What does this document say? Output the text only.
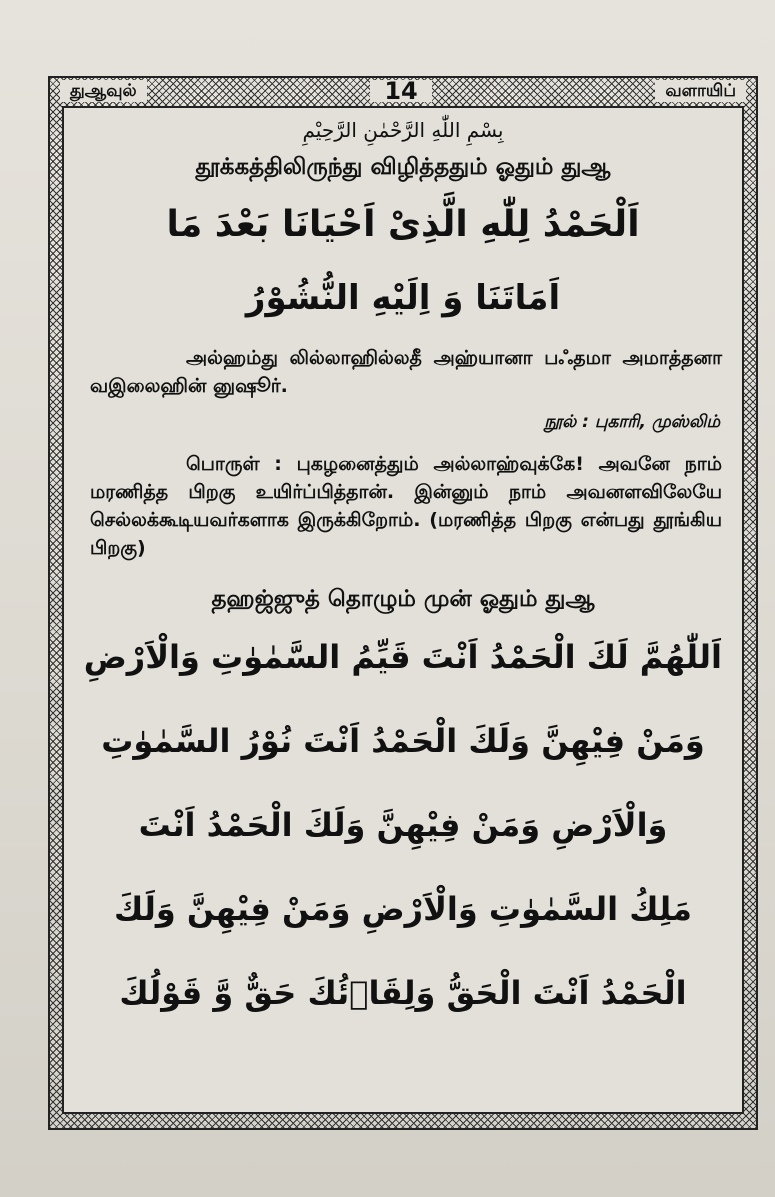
துஆவுல்	14	வளாயிப்
بِسْمِ اللّٰهِ الرَّحْمٰنِ الرَّحِيْمِ
தூக்கத்திலிருந்து விழித்ததும் ஓதும் துஆ
اَلْحَمْدُ لِلّٰهِ الَّذِىْ اَحْيَانَا بَعْدَ مَا
اَمَاتَنَا وَ اِلَيْهِ النُّشُوْرُ
அல்ஹம்து லில்லாஹில்லதீ அஹ்யானா பஃதமா அமாத்தனா வஇலைஹின் னுஷூர்.
நூல் : புகாரி, முஸ்லிம்
பொருள் : புகழனைத்தும் அல்லாஹ்வுக்கே! அவனே நாம் மரணித்த பிறகு உயிர்ப்பித்தான். இன்னும் நாம் அவனளவிலேயே செல்லக்கூடியவர்களாக இருக்கிறோம். (மரணித்த பிறகு என்பது தூங்கிய பிறகு)
தஹஜ்ஜுத் தொழும் முன் ஓதும் துஆ
اَللّٰهُمَّ لَكَ الْحَمْدُ اَنْتَ قَيِّمُ السَّمٰوٰتِ وَالْاَرْضِ
وَمَنْ فِيْهِنَّ وَلَكَ الْحَمْدُ اَنْتَ نُوْرُ السَّمٰوٰتِ
وَالْاَرْضِ وَمَنْ فِيْهِنَّ وَلَكَ الْحَمْدُ اَنْتَ
مَلِكُ السَّمٰوٰتِ وَالْاَرْضِ وَمَنْ فِيْهِنَّ وَلَكَ
الْحَمْدُ اَنْتَ الْحَقُّ وَلِقَاۤئُكَ حَقٌّ وَّ قَوْلُكَ
